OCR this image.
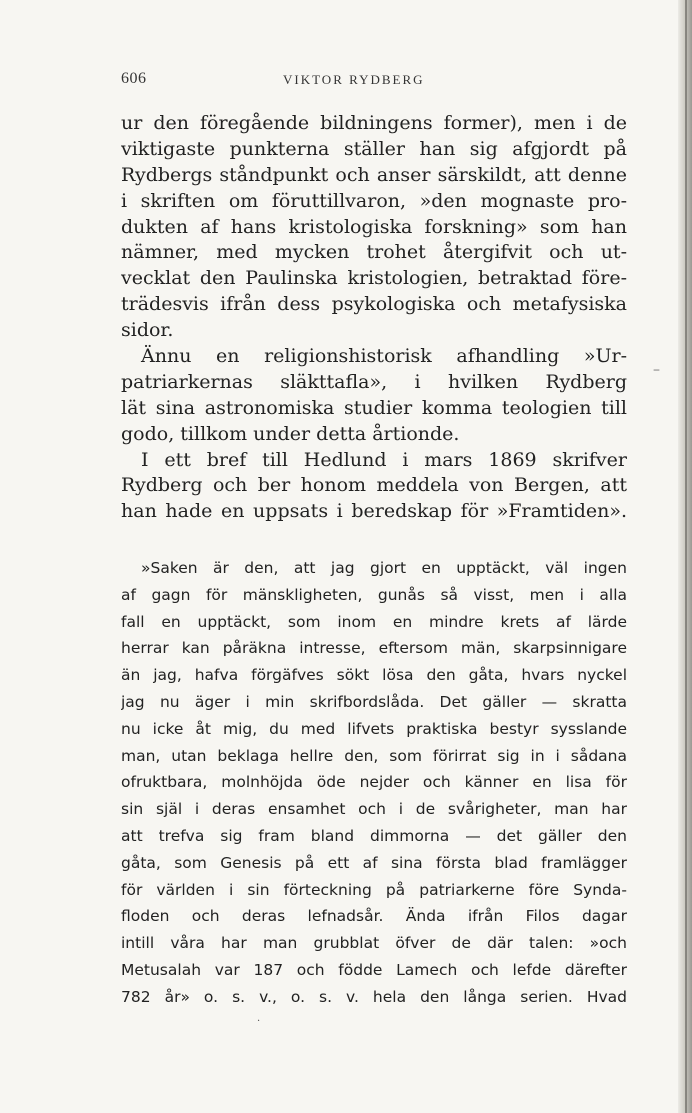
606	VIKTOR RYDBERG
ur den föregående bildningens former), men i de
viktigaste punkterna ställer han sig afgjordt på
Rydbergs ståndpunkt och anser särskildt, att denne
i skriften om föruttillvaron, »den mognaste pro-
dukten af hans kristologiska forskning» som han
nämner, med mycken trohet återgifvit och ut-
vecklat den Paulinska kristologien, betraktad före-
trädesvis ifrån dess psykologiska och metafysiska
sidor.
Ännu en religionshistorisk afhandling »Ur-
patriarkernas släkttafla», i hvilken Rydberg
lät sina astronomiska studier komma teologien till
godo, tillkom under detta årtionde.
I ett bref till Hedlund i mars 1869 skrifver
Rydberg och ber honom meddela von Bergen, att
han hade en uppsats i beredskap för »Framtiden».
»Saken är den, att jag gjort en upptäckt, väl ingen
af gagn för mänskligheten, gunås så visst, men i alla
fall en upptäckt, som inom en mindre krets af lärde
herrar kan påräkna intresse, eftersom män, skarpsinnigare
än jag, hafva förgäfves sökt lösa den gåta, hvars nyckel
jag nu äger i min skrifbordslåda. Det gäller — skratta
nu icke åt mig, du med lifvets praktiska bestyr sysslande
man, utan beklaga hellre den, som förirrat sig in i sådana
ofruktbara, molnhöjda öde nejder och känner en lisa för
sin själ i deras ensamhet och i de svårigheter, man har
att trefva sig fram bland dimmorna — det gäller den
gåta, som Genesis på ett af sina första blad framlägger
för världen i sin förteckning på patriarkerne före Synda-
floden och deras lefnadsår. Ända ifrån Filos dagar
intill våra har man grubblat öfver de där talen: »och
Metusalah var 187 och födde Lamech och lefde därefter
782 år» o. s. v., o. s. v. hela den långa serien. Hvad
–
·
